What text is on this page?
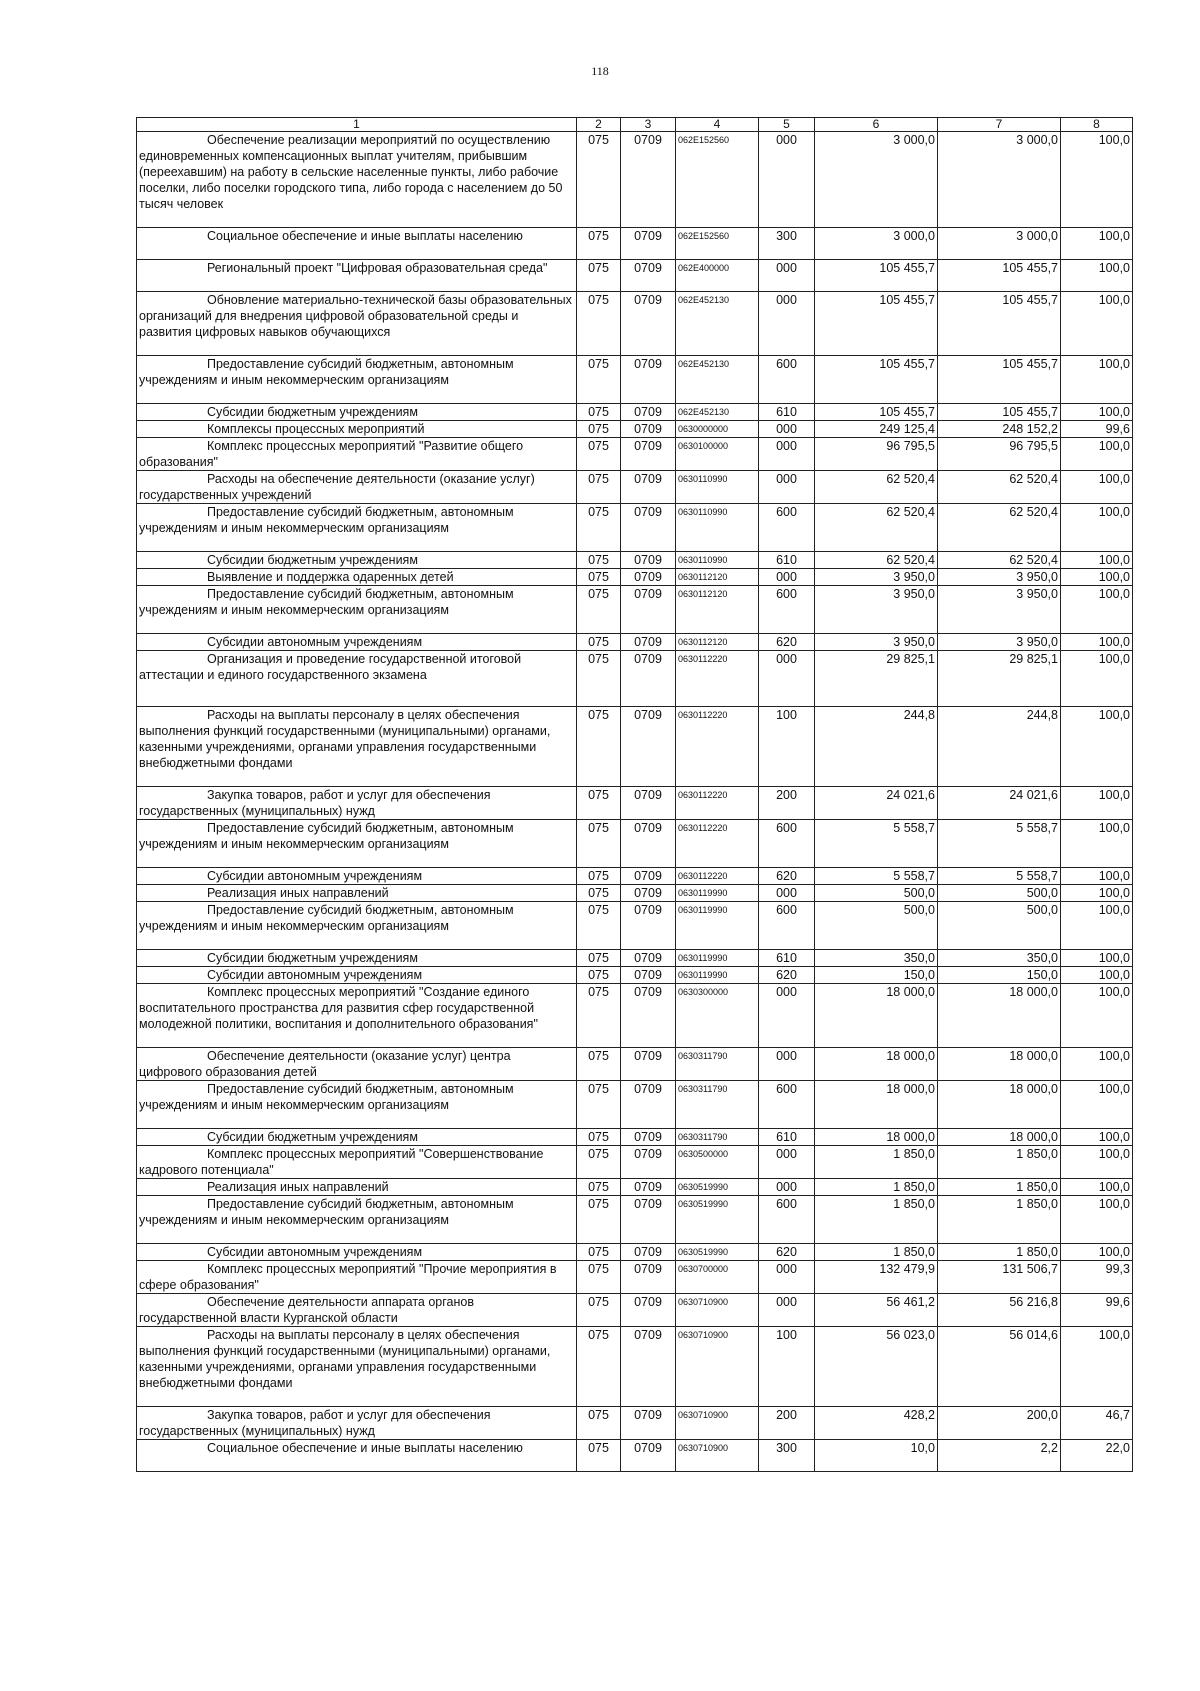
118
1	2	3	4	5	6	7	8

Обеспечение реализации мероприятий по осуществлению единовременных компенсационных выплат учителям, прибывшим (переехавшим) на работу в сельские населенные пункты, либо рабочие поселки, либо поселки городского типа, либо города с населением до 50 тысяч человек	075	0709	062E152560	000	3 000,0	3 000,0	100,0

Социальное обеспечение и иные выплаты населению	075	0709	062E152560	300	3 000,0	3 000,0	100,0

Региональный проект "Цифровая образовательная среда"	075	0709	062E400000	000	105 455,7	105 455,7	100,0

Обновление материально-технической базы образовательных организаций для внедрения цифровой образовательной среды и развития цифровых навыков обучающихся	075	0709	062E452130	000	105 455,7	105 455,7	100,0

Предоставление субсидий бюджетным, автономным учреждениям и иным некоммерческим организациям	075	0709	062E452130	600	105 455,7	105 455,7	100,0

Субсидии бюджетным учреждениям	075	0709	062E452130	610	105 455,7	105 455,7	100,0

Комплексы процессных мероприятий	075	0709	0630000000	000	249 125,4	248 152,2	99,6

Комплекс процессных мероприятий "Развитие общего образования"	075	0709	0630100000	000	96 795,5	96 795,5	100,0

Расходы на обеспечение деятельности (оказание услуг) государственных учреждений	075	0709	0630110990	000	62 520,4	62 520,4	100,0

Предоставление субсидий бюджетным, автономным учреждениям и иным некоммерческим организациям	075	0709	0630110990	600	62 520,4	62 520,4	100,0

Субсидии бюджетным учреждениям	075	0709	0630110990	610	62 520,4	62 520,4	100,0

Выявление и поддержка одаренных детей	075	0709	0630112120	000	3 950,0	3 950,0	100,0

Предоставление субсидий бюджетным, автономным учреждениям и иным некоммерческим организациям	075	0709	0630112120	600	3 950,0	3 950,0	100,0

Субсидии автономным учреждениям	075	0709	0630112120	620	3 950,0	3 950,0	100,0

Организация и проведение государственной итоговой аттестации и единого государственного экзамена	075	0709	0630112220	000	29 825,1	29 825,1	100,0

Расходы на выплаты персоналу в целях обеспечения выполнения функций государственными (муниципальными) органами, казенными учреждениями, органами управления государственными внебюджетными фондами	075	0709	0630112220	100	244,8	244,8	100,0

Закупка товаров, работ и услуг для обеспечения государственных (муниципальных) нужд	075	0709	0630112220	200	24 021,6	24 021,6	100,0

Предоставление субсидий бюджетным, автономным учреждениям и иным некоммерческим организациям	075	0709	0630112220	600	5 558,7	5 558,7	100,0

Субсидии автономным учреждениям	075	0709	0630112220	620	5 558,7	5 558,7	100,0

Реализация иных направлений	075	0709	0630119990	000	500,0	500,0	100,0

Предоставление субсидий бюджетным, автономным учреждениям и иным некоммерческим организациям	075	0709	0630119990	600	500,0	500,0	100,0

Субсидии бюджетным учреждениям	075	0709	0630119990	610	350,0	350,0	100,0

Субсидии автономным учреждениям	075	0709	0630119990	620	150,0	150,0	100,0

Комплекс процессных мероприятий "Создание единого воспитательного пространства для развития сфер государственной молодежной политики, воспитания и дополнительного образования"	075	0709	0630300000	000	18 000,0	18 000,0	100,0

Обеспечение деятельности (оказание услуг) центра цифрового образования детей	075	0709	0630311790	000	18 000,0	18 000,0	100,0

Предоставление субсидий бюджетным, автономным учреждениям и иным некоммерческим организациям	075	0709	0630311790	600	18 000,0	18 000,0	100,0

Субсидии бюджетным учреждениям	075	0709	0630311790	610	18 000,0	18 000,0	100,0

Комплекс процессных мероприятий "Совершенствование кадрового потенциала"	075	0709	0630500000	000	1 850,0	1 850,0	100,0

Реализация иных направлений	075	0709	0630519990	000	1 850,0	1 850,0	100,0

Предоставление субсидий бюджетным, автономным учреждениям и иным некоммерческим организациям	075	0709	0630519990	600	1 850,0	1 850,0	100,0

Субсидии автономным учреждениям	075	0709	0630519990	620	1 850,0	1 850,0	100,0

Комплекс процессных мероприятий "Прочие мероприятия в сфере образования"	075	0709	0630700000	000	132 479,9	131 506,7	99,3

Обеспечение деятельности аппарата органов государственной власти Курганской области	075	0709	0630710900	000	56 461,2	56 216,8	99,6

Расходы на выплаты персоналу в целях обеспечения выполнения функций государственными (муниципальными) органами, казенными учреждениями, органами управления государственными внебюджетными фондами	075	0709	0630710900	100	56 023,0	56 014,6	100,0

Закупка товаров, работ и услуг для обеспечения государственных (муниципальных) нужд	075	0709	0630710900	200	428,2	200,0	46,7

Социальное обеспечение и иные выплаты населению	075	0709	0630710900	300	10,0	2,2	22,0
